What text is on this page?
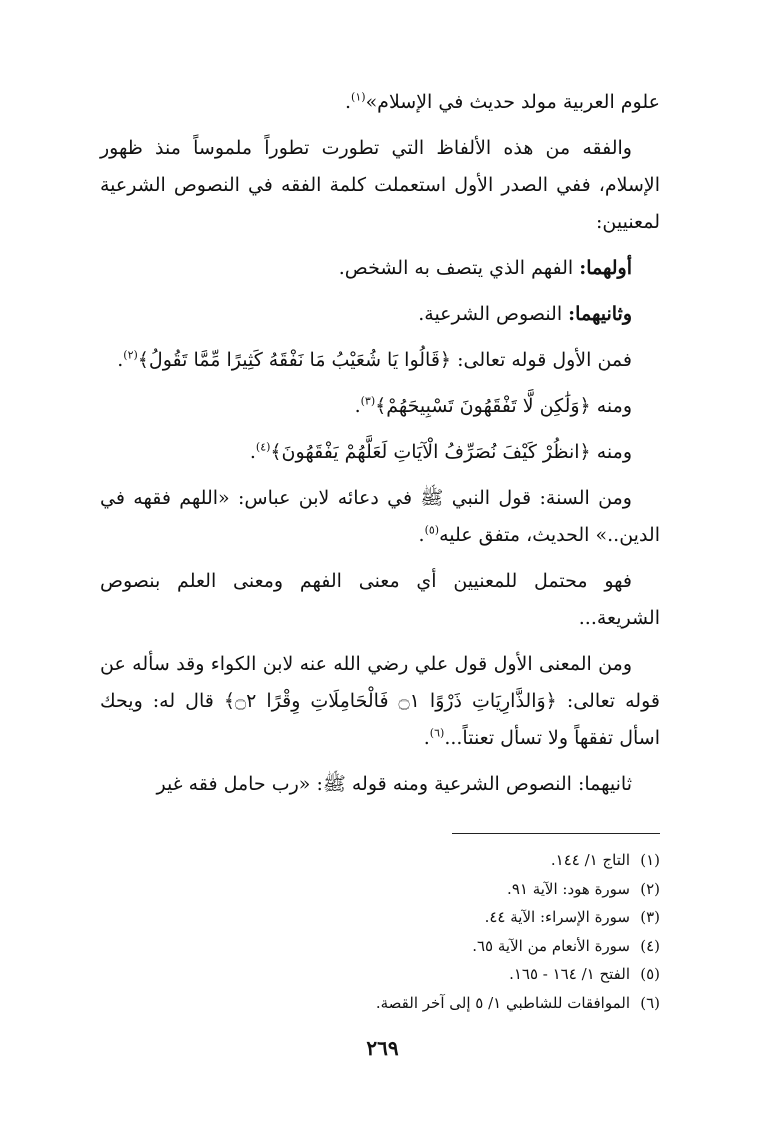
علوم العربية مولد حديث في الإسلام»$^{(١)}$.

والفقه من هذه الألفاظ التي تطورت تطوراً ملموساً منذ ظهور الإسلام، ففي الصدر الأول استعملت كلمة الفقه في النصوص الشرعية لمعنيين:

أولهما: الفهم الذي يتصف به الشخص.

وثانيهما: النصوص الشرعية.

فمن الأول قوله تعالى: ﴿قَالُوا يَا شُعَيْبُ مَا نَفْقَهُ كَثِيرًا مِّمَّا تَقُولُ﴾$^{(٢)}$.

ومنه ﴿وَلَٰكِن لَّا تَفْقَهُونَ تَسْبِيحَهُمْ﴾$^{(٣)}$.

ومنه ﴿انظُرْ كَيْفَ نُصَرِّفُ الْآيَاتِ لَعَلَّهُمْ يَفْقَهُونَ﴾$^{(٤)}$.

ومن السنة: قول النبي ﷺ في دعائه لابن عباس: «اللهم فقهه في الدين..» الحديث، متفق عليه$^{(٥)}$.

فهو محتمل للمعنيين أي معنى الفهم ومعنى العلم بنصوص الشريعة...

ومن المعنى الأول قول علي رضي الله عنه لابن الكواء وقد سأله عن قوله تعالى: ﴿وَالذَّارِيَاتِ ذَرْوًا ۝١ فَالْحَامِلَاتِ وِقْرًا ۝٢﴾ قال له: ويحك اسأل تفقهاً ولا تسأل تعنتاً...$^{(٦)}$.

ثانيهما: النصوص الشرعية ومنه قوله ﷺ: «رب حامل فقه غير

(١)
التاج ١/ ١٤٤.
(٢)
سورة هود: الآية ٩١.
(٣)
سورة الإسراء: الآية ٤٤.
(٤)
سورة الأنعام من الآية ٦٥.
(٥)
الفتح ١/ ١٦٤ - ١٦٥.
(٦)
الموافقات للشاطبي ١/ ٥ إلى آخر القصة.
٢٦٩
